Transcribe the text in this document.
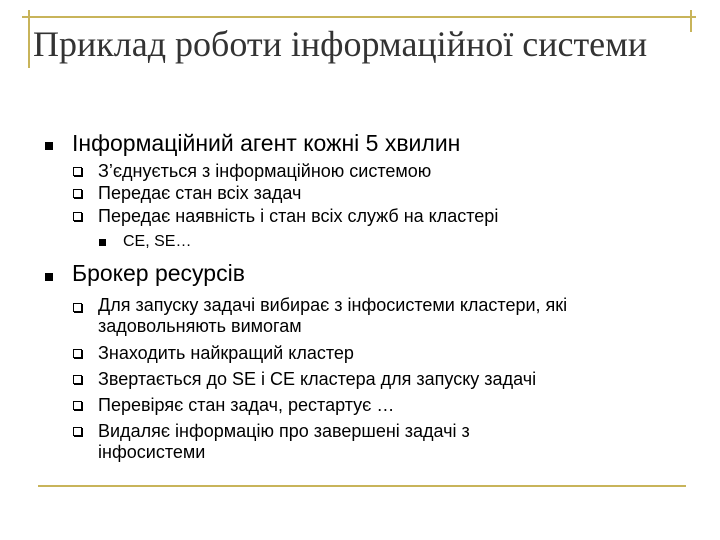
Приклад роботи інформаційної системи
Інформаційний агент кожні 5 хвилин
З’єднується з інформаційною системою
Передає стан всіх задач
Передає наявність і стан всіх служб на кластері
CE, SE…
Брокер ресурсів
Для запуску задачі вибирає з інфосистеми кластери, які
задовольняють вимогам
Знаходить найкращий кластер
Звертається до SE і CE кластера для запуску задачі
Перевіряє стан задач, рестартує …
Видаляє інформацію про завершені задачі з
інфосистеми
